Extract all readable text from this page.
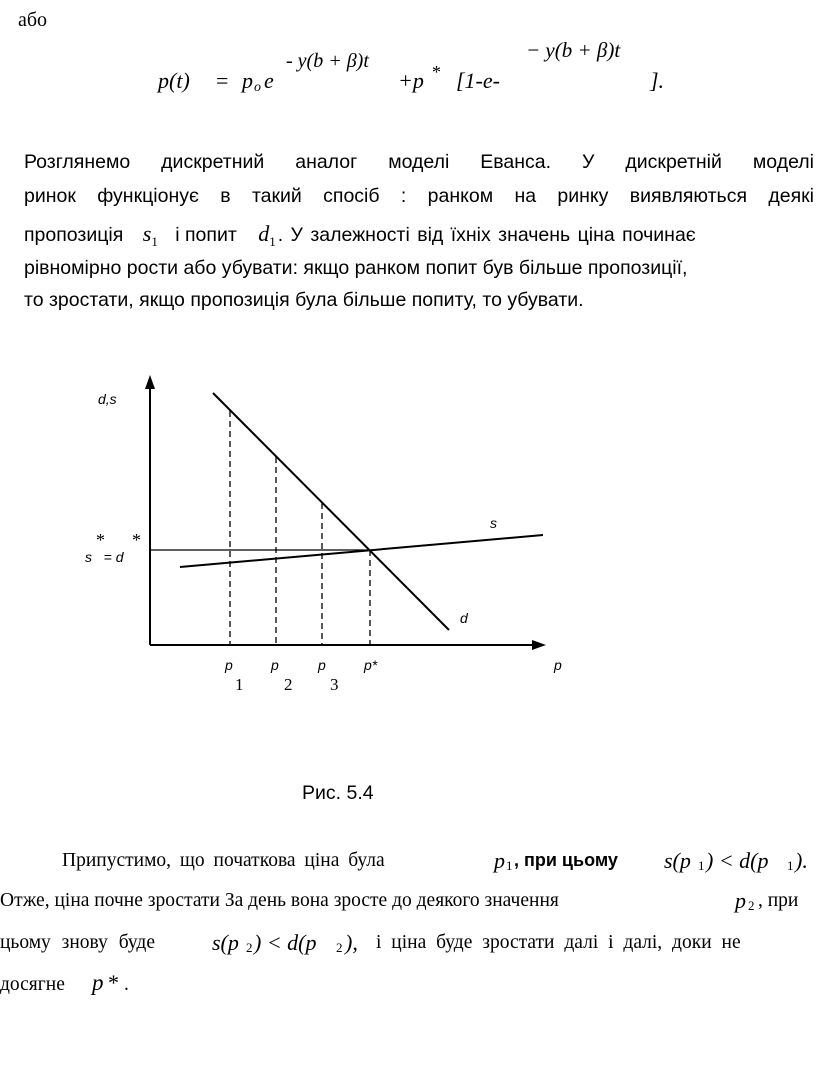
або
p(t) = p o e
- y(b + β)t
+p * [1-e-
− y(b + β)t
].
Розглянемо дискретний аналог моделі Еванса. У дискретній моделі
ринок функціонує в такий спосіб : ранком на ринку виявляються деякі
пропозиція $s_1$ і попит $d_1$ . У залежності від їхніх значень ціна починає
рівномірно рости або убувати: якщо ранком попит був більше пропозиції,
то зростати, якщо пропозиція була більше попиту, то убувати.
d,s
s
d
s   = d
* *
p
1
p
2
p
3
p*	p
Рис. 5.4
Припустимо, що початкова ціна була	p 1 , при цьому s(p 1 ) < d(p 1 ).
Отже, ціна почне зростати За день вона зросте до деякого значення	p 2 , при
цьому знову буде	s(p 2 ) < d(p 2 ), і ціна буде зростати далі і далі, доки не
досягне p * .
